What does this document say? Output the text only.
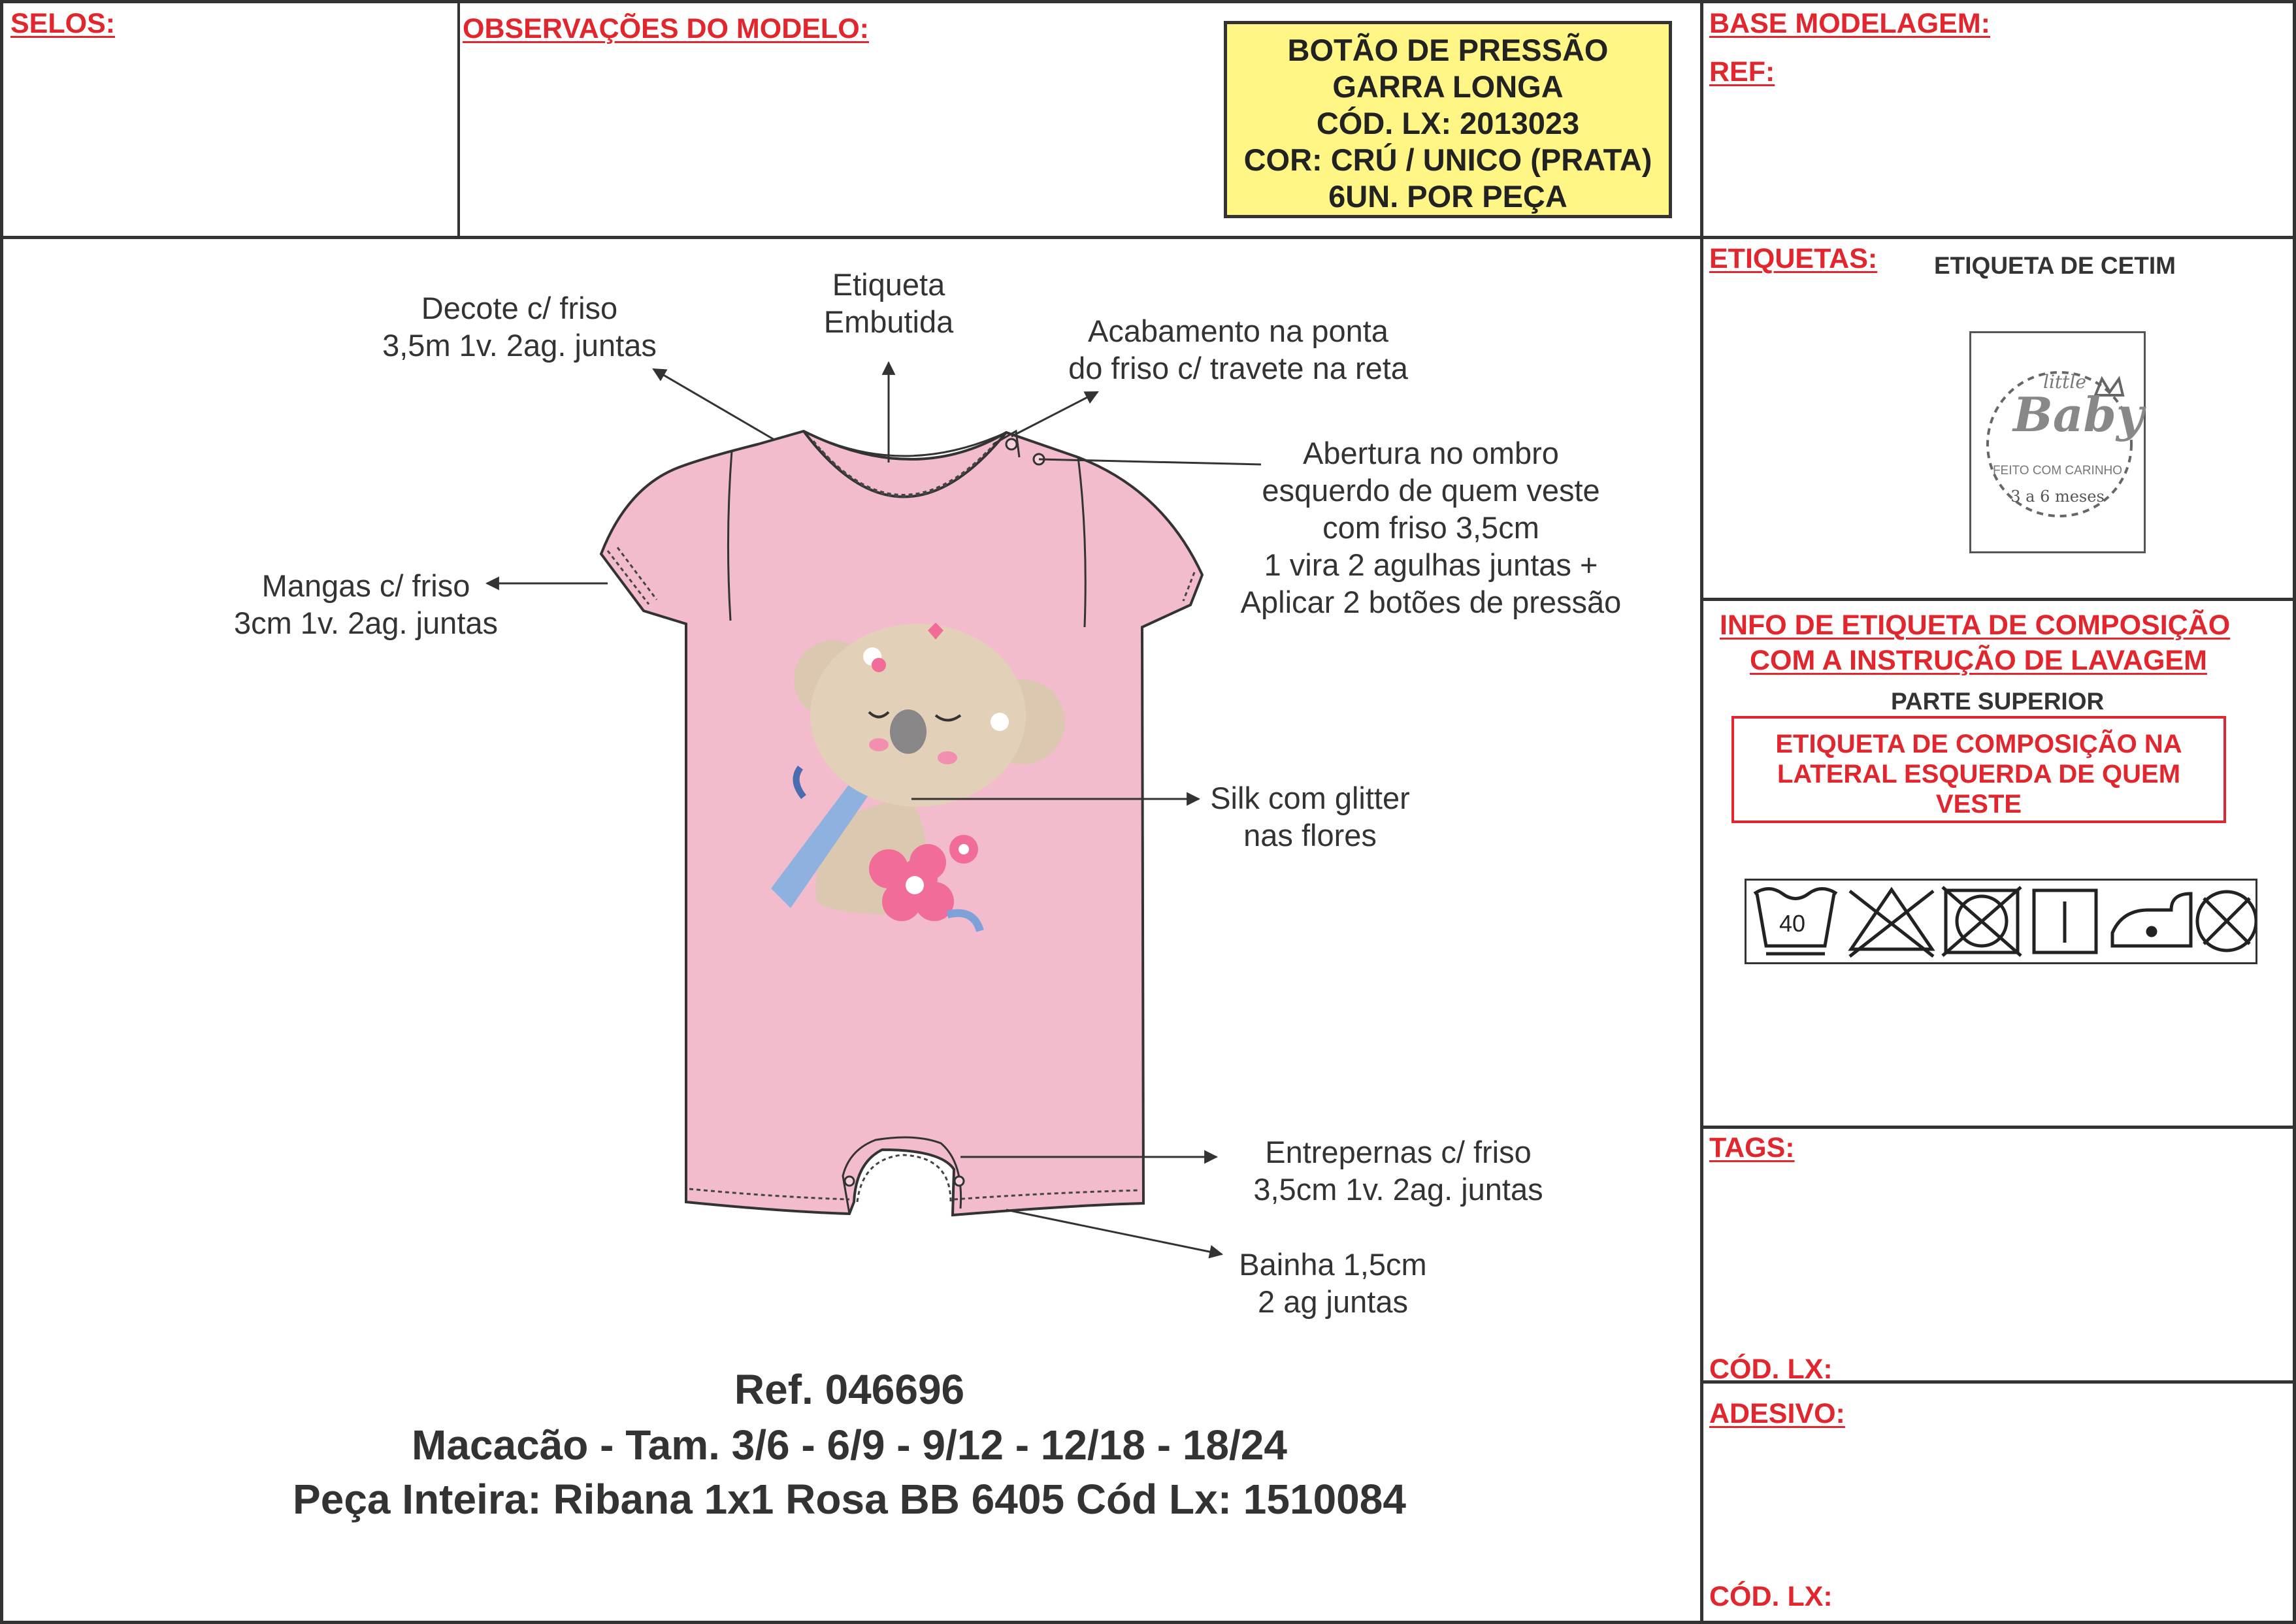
SELOS:	OBSERVAÇÕES DO MODELO:	BASE MODELAGEM:
REF:
BOTÃO DE PRESSÃO
GARRA LONGA
CÓD. LX: 2013023
COR: CRÚ / UNICO (PRATA)
6UN. POR PEÇA
Decote c/ friso
3,5m 1v. 2ag. juntas
Etiqueta
Embutida	Acabamento na ponta
do friso c/ travete na reta
Abertura no ombro
esquerdo de quem veste
com friso 3,5cm
1 vira 2 agulhas juntas +
Aplicar 2 botões de pressão
Mangas c/ friso
3cm 1v. 2ag. juntas
Silk com glitter
nas flores
Entrepernas c/ friso
3,5cm 1v. 2ag. juntas
Bainha 1,5cm
2 ag juntas
Ref. 046696
Macacão - Tam. 3/6 - 6/9 - 9/12 - 12/18 - 18/24
Peça Inteira: Ribana 1x1 Rosa BB 6405 Cód Lx: 1510084
ETIQUETAS: ETIQUETA DE CETIM
little
Baby
FEITO COM CARINHO
3 a 6 meses
INFO DE ETIQUETA DE COMPOSIÇÃO
COM A INSTRUÇÃO DE LAVAGEM
PARTE SUPERIOR
ETIQUETA DE COMPOSIÇÃO NA
LATERAL ESQUERDA DE QUEM
VESTE
40
TAGS:
CÓD. LX:
ADESIVO:
CÓD. LX:
